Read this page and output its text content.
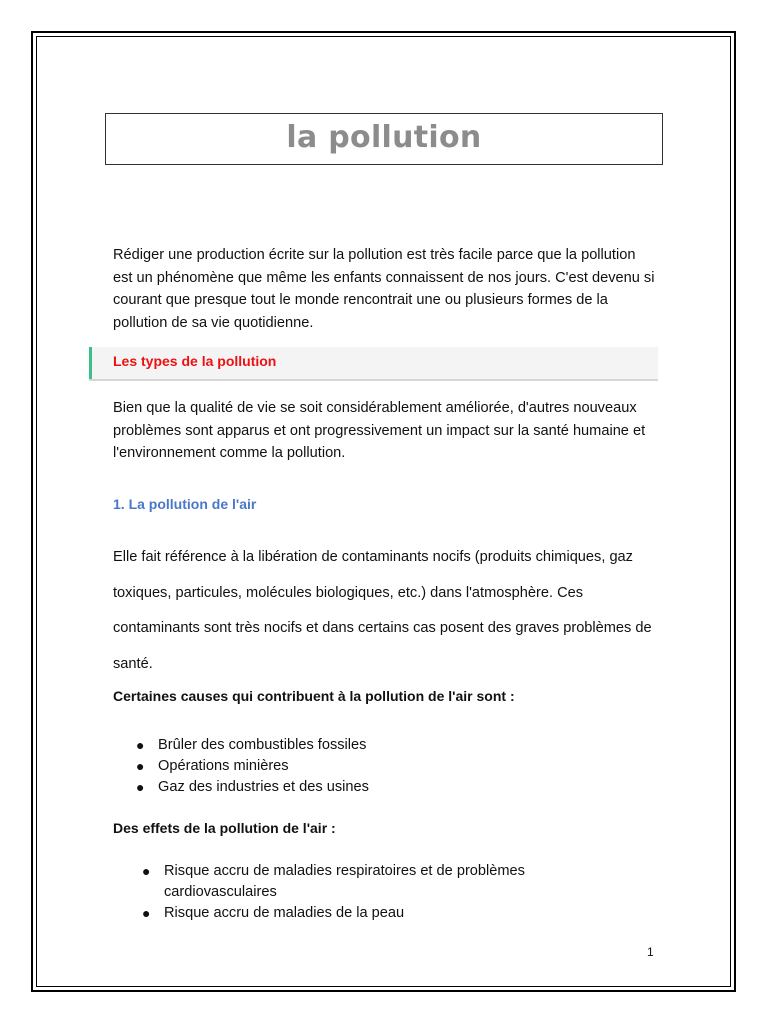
la pollution

Rédiger une production écrite sur la pollution est très facile parce que la pollution est un phénomène que même les enfants connaissent de nos jours. C'est devenu si courant que presque tout le monde rencontrait une ou plusieurs formes de la pollution de sa vie quotidienne.

Les types de la pollution

Bien que la qualité de vie se soit considérablement améliorée, d'autres nouveaux problèmes sont apparus et ont progressivement un impact sur la santé humaine et l'environnement comme la pollution.

1. La pollution de l'air

Elle fait référence à la libération de contaminants nocifs (produits chimiques, gaz toxiques, particules, molécules biologiques, etc.) dans l'atmosphère. Ces contaminants sont très nocifs et dans certains cas posent des graves problèmes de santé.

Certaines causes qui contribuent à la pollution de l'air sont :

● Brûler des combustibles fossiles
● Opérations minières
● Gaz des industries et des usines

Des effets de la pollution de l'air :

● Risque accru de maladies respiratoires et de problèmes cardiovasculaires
● Risque accru de maladies de la peau

1
